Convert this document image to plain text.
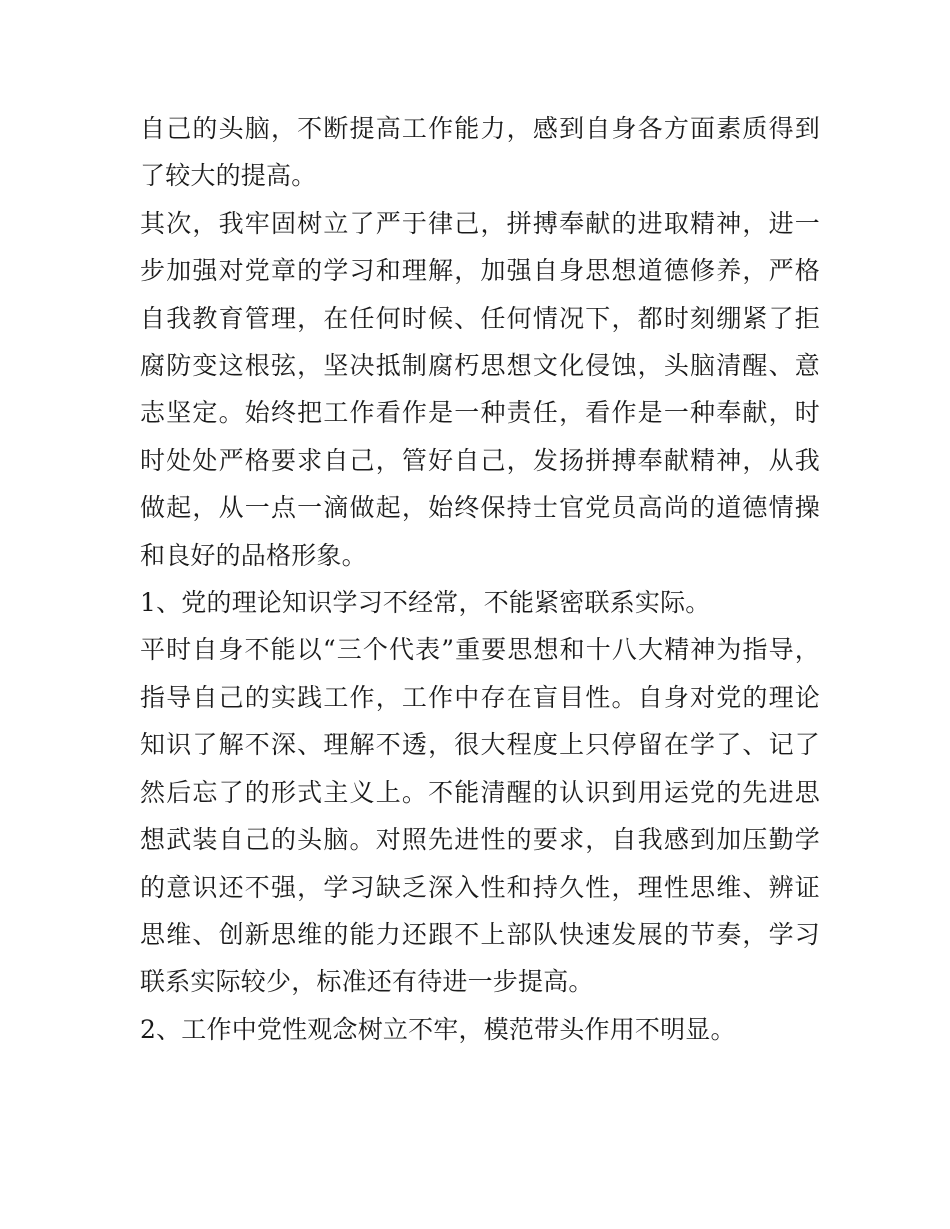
自己的头脑，不断提高工作能力，感到自身各方面素质得到了较大的提高。

其次，我牢固树立了严于律己，拼搏奉献的进取精神，进一步加强对党章的学习和理解，加强自身思想道德修养，严格自我教育管理，在任何时候、任何情况下，都时刻绷紧了拒腐防变这根弦，坚决抵制腐朽思想文化侵蚀，头脑清醒、意志坚定。始终把工作看作是一种责任，看作是一种奉献，时时处处严格要求自己，管好自己，发扬拼搏奉献精神，从我做起，从一点一滴做起，始终保持士官党员高尚的道德情操和良好的品格形象。

1、党的理论知识学习不经常，不能紧密联系实际。

平时自身不能以“三个代表”重要思想和十八大精神为指导，指导自己的实践工作，工作中存在盲目性。自身对党的理论知识了解不深、理解不透，很大程度上只停留在学了、记了然后忘了的形式主义上。不能清醒的认识到用运党的先进思想武装自己的头脑。对照先进性的要求，自我感到加压勤学的意识还不强，学习缺乏深入性和持久性，理性思维、辨证思维、创新思维的能力还跟不上部队快速发展的节奏，学习联系实际较少，标准还有待进一步提高。

2、工作中党性观念树立不牢，模范带头作用不明显。
